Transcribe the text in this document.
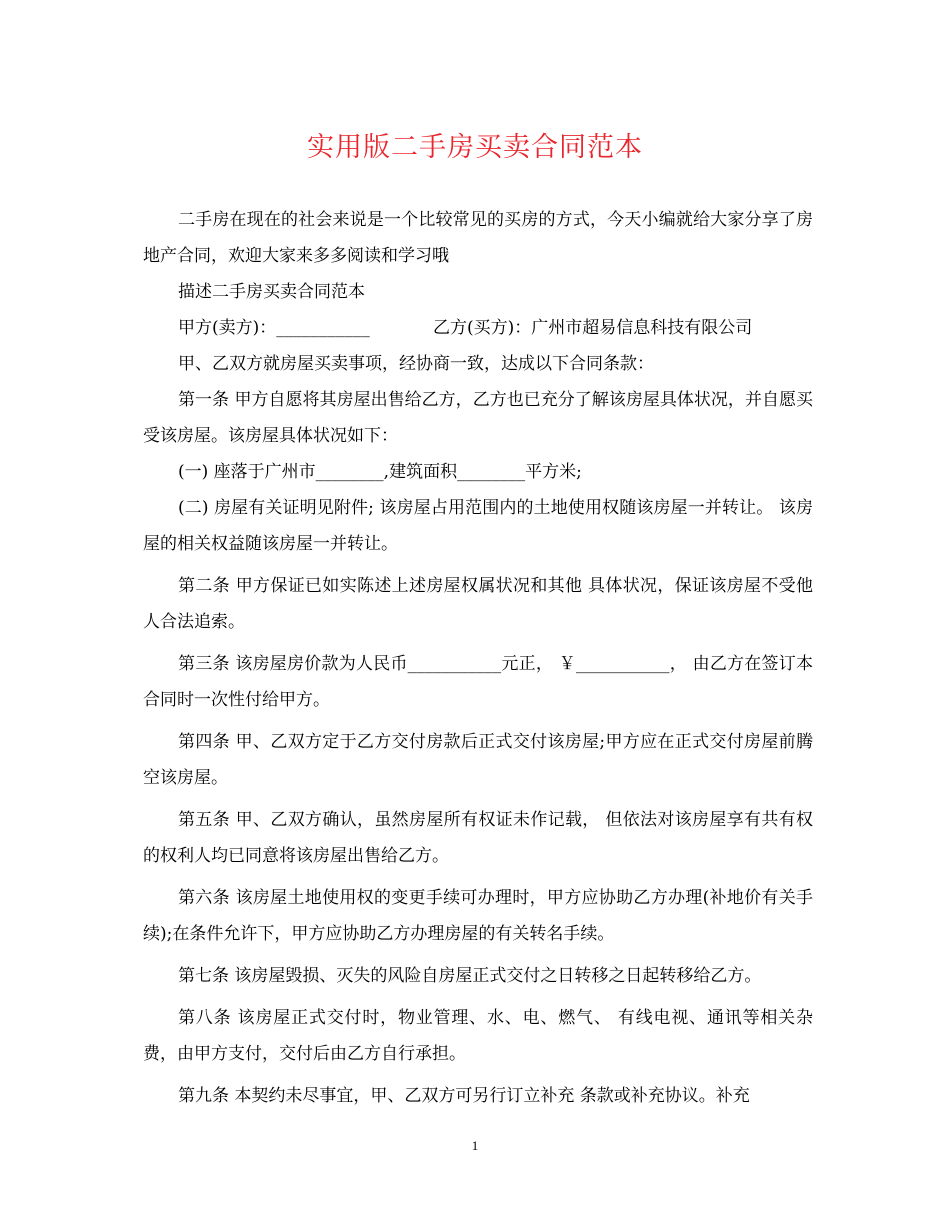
实用版二手房买卖合同范本

二手房在现在的社会来说是一个比较常见的买房的方式，今天小编就给大家分享了房地产合同，欢迎大家来多多阅读和学习哦

描述二手房买卖合同范本

甲方(卖方)：___________	乙方(买方)：广州市超易信息科技有限公司

甲、乙双方就房屋买卖事项，经协商一致，达成以下合同条款：

第一条 甲方自愿将其房屋出售给乙方，乙方也已充分了解该房屋具体状况，并自愿买受该房屋。该房屋具体状况如下：

(一) 座落于广州市________,建筑面积________平方米;

(二) 房屋有关证明见附件; 该房屋占用范围内的土地使用权随该房屋一并转让。 该房屋的相关权益随该房屋一并转让。

第二条 甲方保证已如实陈述上述房屋权属状况和其他 具体状况，保证该房屋不受他人合法追索。

第三条 该房屋房价款为人民币___________元正， ￥___________， 由乙方在签订本合同时一次性付给甲方。

第四条 甲、乙双方定于乙方交付房款后正式交付该房屋;甲方应在正式交付房屋前腾空该房屋。

第五条 甲、乙双方确认，虽然房屋所有权证未作记载， 但依法对该房屋享有共有权的权利人均已同意将该房屋出售给乙方。

第六条 该房屋土地使用权的变更手续可办理时，甲方应协助乙方办理(补地价有关手续);在条件允许下，甲方应协助乙方办理房屋的有关转名手续。

第七条 该房屋毁损、灭失的风险自房屋正式交付之日转移之日起转移给乙方。

第八条 该房屋正式交付时，物业管理、水、电、燃气、 有线电视、通讯等相关杂费，由甲方支付，交付后由乙方自行承担。

第九条 本契约未尽事宜，甲、乙双方可另行订立补充 条款或补充协议。补充

1
